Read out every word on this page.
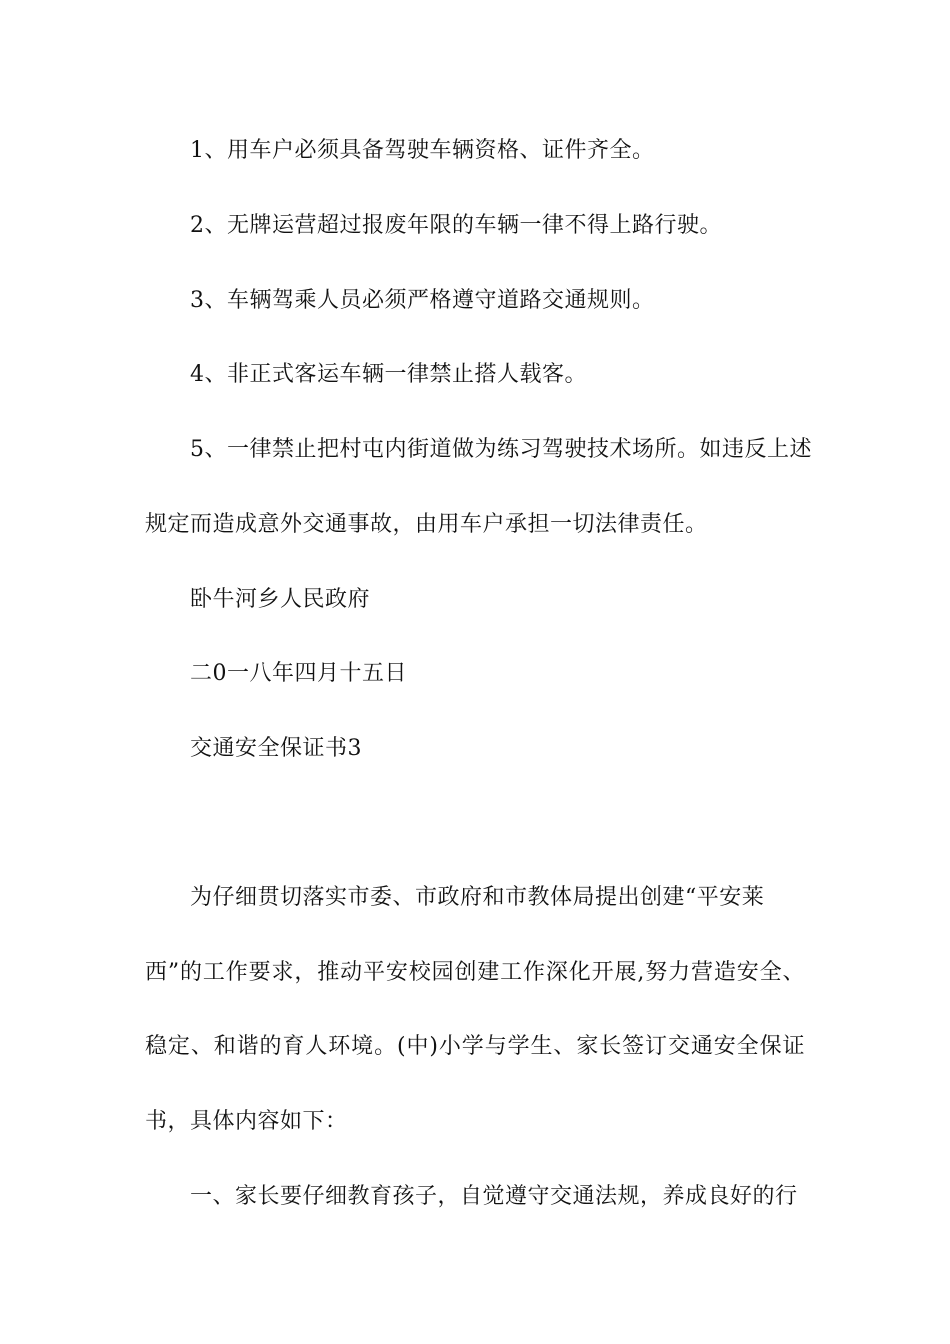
1、用车户必须具备驾驶车辆资格、证件齐全。
2、无牌运营超过报废年限的车辆一律不得上路行驶。
3、车辆驾乘人员必须严格遵守道路交通规则。
4、非正式客运车辆一律禁止搭人载客。
5、一律禁止把村屯内街道做为练习驾驶技术场所。如违反上述
规定而造成意外交通事故，由用车户承担一切法律责任。
卧牛河乡人民政府
二0一八年四月十五日
交通安全保证书3
为仔细贯切落实市委、市政府和市教体局提出创建“平安莱
西”的工作要求，推动平安校园创建工作深化开展,努力营造安全、
稳定、和谐的育人环境。(中)小学与学生、家长签订交通安全保证
书，具体内容如下：
一、家长要仔细教育孩子，自觉遵守交通法规，养成良好的行
